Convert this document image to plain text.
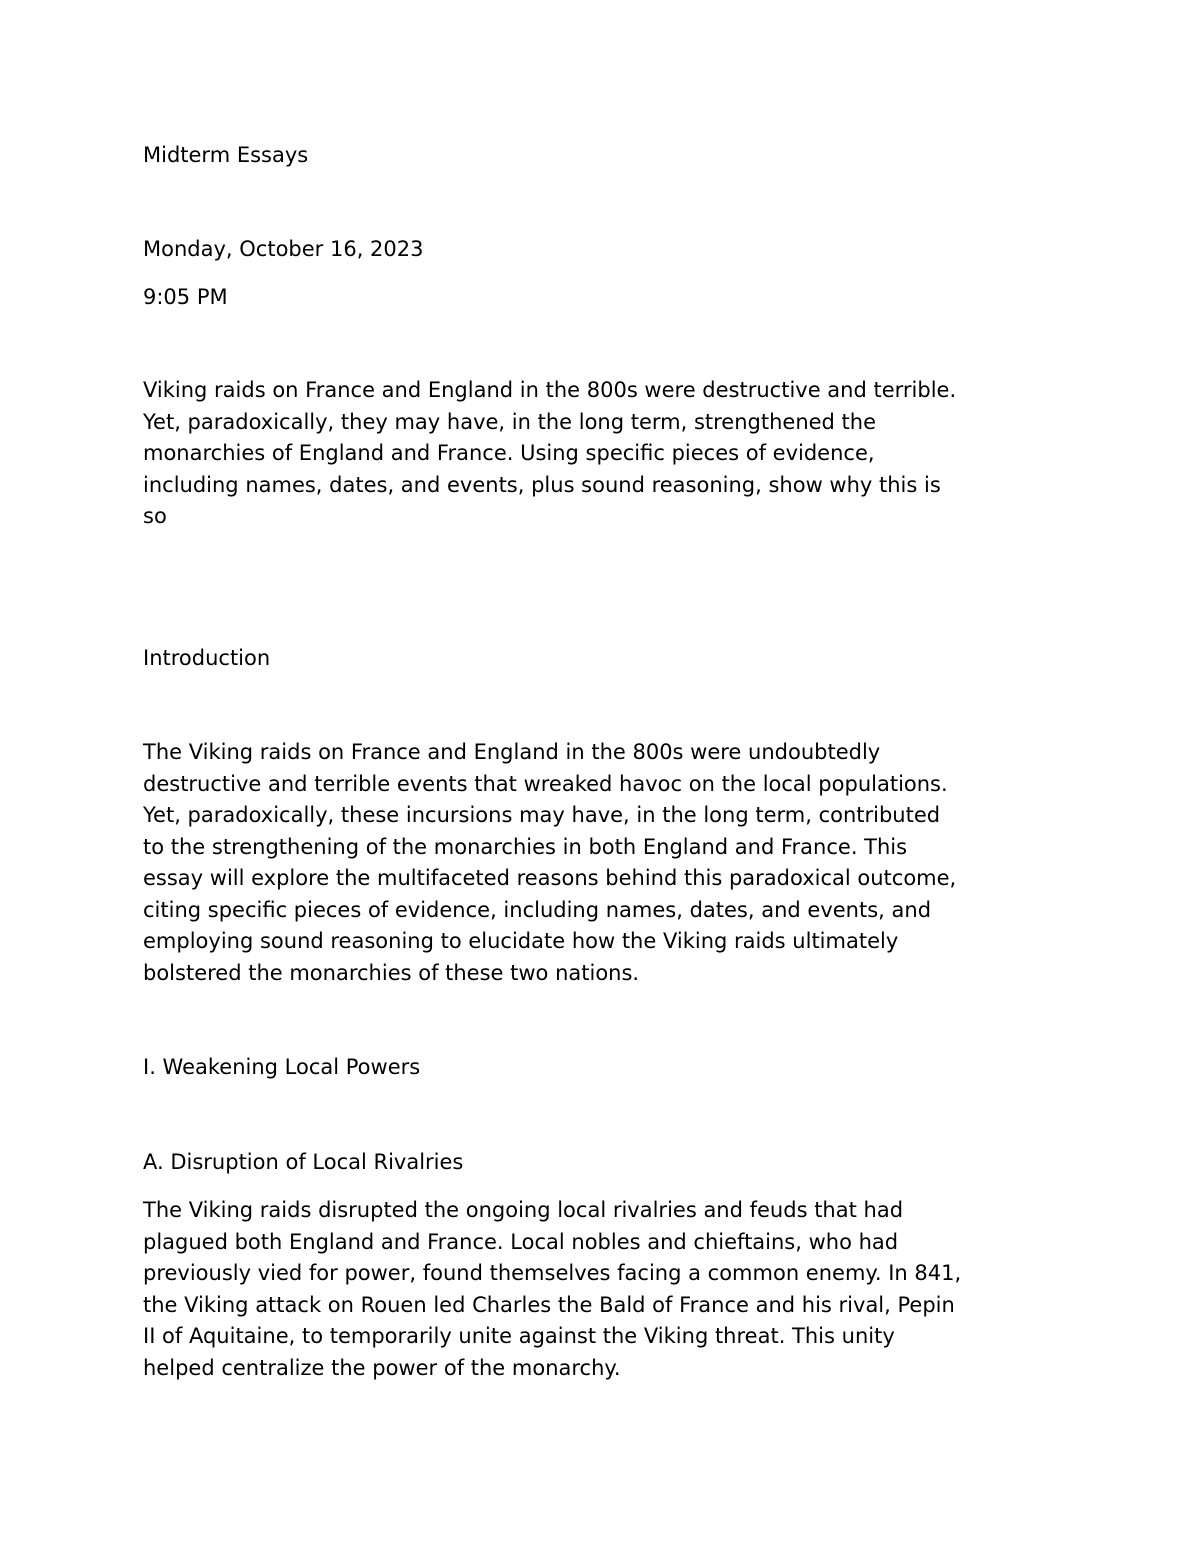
Midterm Essays
Monday, October 16, 2023
9:05 PM
Viking raids on France and England in the 800s were destructive and terrible.
Yet, paradoxically, they may have, in the long term, strengthened the
monarchies of England and France. Using specific pieces of evidence,
including names, dates, and events, plus sound reasoning, show why this is
so
Introduction
The Viking raids on France and England in the 800s were undoubtedly
destructive and terrible events that wreaked havoc on the local populations.
Yet, paradoxically, these incursions may have, in the long term, contributed
to the strengthening of the monarchies in both England and France. This
essay will explore the multifaceted reasons behind this paradoxical outcome,
citing specific pieces of evidence, including names, dates, and events, and
employing sound reasoning to elucidate how the Viking raids ultimately
bolstered the monarchies of these two nations.
I. Weakening Local Powers
A. Disruption of Local Rivalries
The Viking raids disrupted the ongoing local rivalries and feuds that had
plagued both England and France. Local nobles and chieftains, who had
previously vied for power, found themselves facing a common enemy. In 841,
the Viking attack on Rouen led Charles the Bald of France and his rival, Pepin
II of Aquitaine, to temporarily unite against the Viking threat. This unity
helped centralize the power of the monarchy.
